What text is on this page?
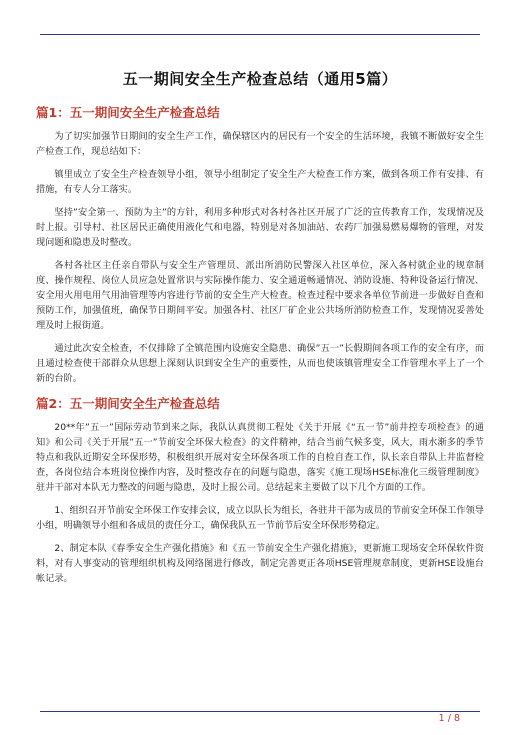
五一期间安全生产检查总结（通用5篇）
篇1：五一期间安全生产检查总结

为了切实加强节日期间的安全生产工作，确保辖区内的居民有一个安全的生活环境，我镇不断做好安全生产检查工作，现总结如下：

镇里成立了安全生产检查领导小组，领导小组制定了安全生产大检查工作方案，做到各项工作有安排、有措施，有专人分工落实。

坚持”安全第一、预防为主”的方针，利用多种形式对各村各社区开展了广泛的宣传教育工作，发现情况及时上报。引导村、社区居民正确使用液化气和电器，特别是对各加油站、农药厂加强易燃易爆物的管理，对发现问题和隐患及时整改。

各村各社区主任亲自带队与安全生产管理员、派出所消防民警深入社区单位，深入各村就企业的规章制度、操作规程、岗位人员应急处置常识与实际操作能力、安全通道畅通情况、消防设施、特种设备运行情况、安全用火用电用气用油管理等内容进行节前的安全生产大检查。检查过程中要求各单位节前进一步做好自查和预防工作，加强值班，确保节日期间平安。加强各村、社区厂矿企业公共场所消防检查工作，发现情况妥善处理及时上报街道。

通过此次安全检查，不仅排除了全镇范围内设施安全隐患、确保”五一”长假期间各项工作的安全有序，而且通过检查使干部群众从思想上深刻认识到安全生产的重要性，从而也使该镇管理安全工作管理水平上了一个新的台阶。

篇2：五一期间安全生产检查总结

20**年”五一”国际劳动节到来之际，我队认真贯彻工程处《关于开展《“五一节”前井控专项检查》的通知》和公司《关于开展”五一”节前安全环保大检查》的文件精神，结合当前气候多变，风大，雨水渐多的季节特点和我队近期安全环保形势，积极组织开展对安全环保各项工作的自检自查工作，队长亲自带队上井监督检查，各岗位结合本班岗位操作内容，及时整改存在的问题与隐患，落实《施工现场HSE标准化三级管理制度》驻井干部对本队无力整改的问题与隐患，及时上报公司。总结起来主要做了以下几个方面的工作。

1、组织召开节前安全环保工作安排会议，成立以队长为组长，各驻井干部为成员的节前安全环保工作领导小组，明确领导小组和各成员的责任分工，确保我队五一节前节后安全环保形势稳定。

2、制定本队《春季安全生产强化措施》和《五一节前安全生产强化措施》，更新施工现场安全环保软件资料，对有人事变动的管理组织机构及网络图进行修改，制定完善更正各项HSE管理规章制度，更新HSE设施台帐记录。

1 / 8
